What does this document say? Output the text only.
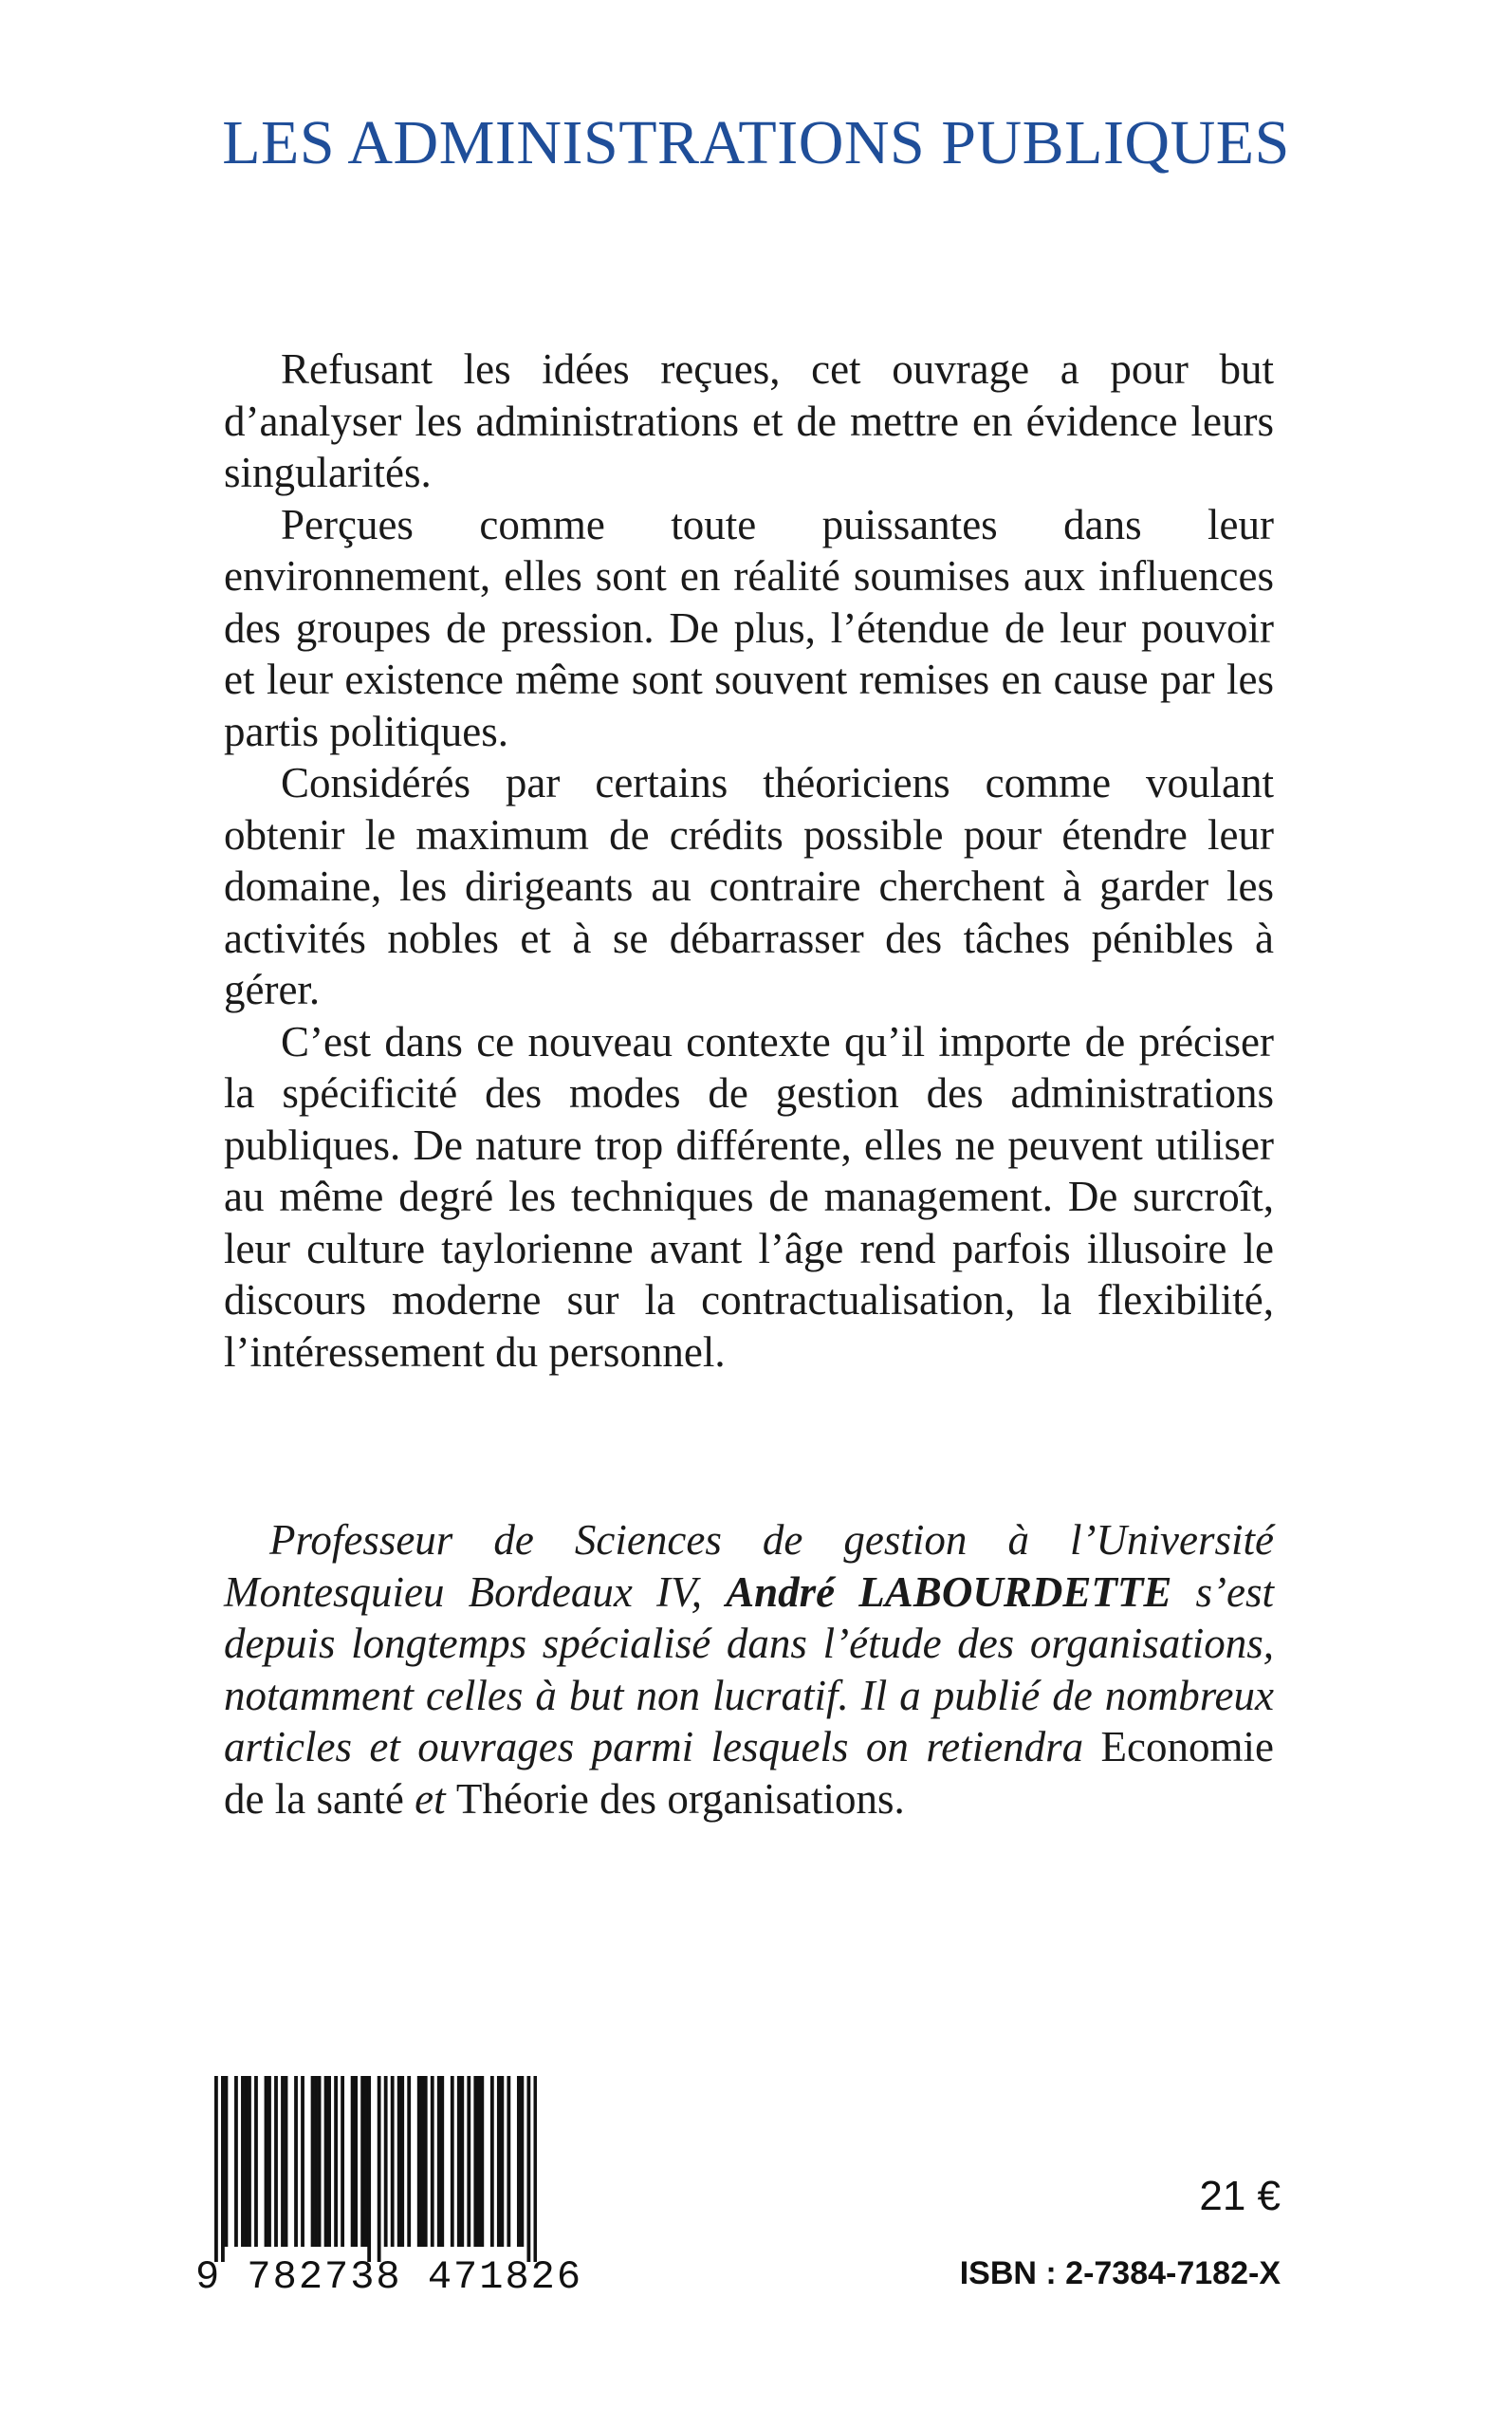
LES ADMINISTRATIONS PUBLIQUES

Refusant les idées reçues, cet ouvrage a pour but d’analyser les administrations et de mettre en évidence leurs singularités.

Perçues comme toute puissantes dans leur environnement, elles sont en réalité soumises aux influences des groupes de pression. De plus, l’étendue de leur pouvoir et leur existence même sont souvent remises en cause par les partis politiques.

Considérés par certains théoriciens comme voulant obtenir le maximum de crédits possible pour étendre leur domaine, les dirigeants au contraire cherchent à garder les activités nobles et à se débarrasser des tâches pénibles à gérer.

C’est dans ce nouveau contexte qu’il importe de préciser la spécificité des modes de gestion des administrations publiques. De nature trop différente, elles ne peuvent utiliser au même degré les techniques de management. De surcroît, leur culture taylorienne avant l’âge rend parfois illusoire le discours moderne sur la contractualisation, la flexibilité, l’intéressement du personnel.

Professeur de Sciences de gestion à l’Université Montesquieu Bordeaux IV, André LABOURDETTE s’est depuis longtemps spécialisé dans l’étude des organisations, notamment celles à but non lucratif. Il a publié de nombreux articles et ouvrages parmi lesquels on retiendra Economie de la santé et Théorie des organisations.
9 782738 471826
21 €
ISBN : 2-7384-7182-X
